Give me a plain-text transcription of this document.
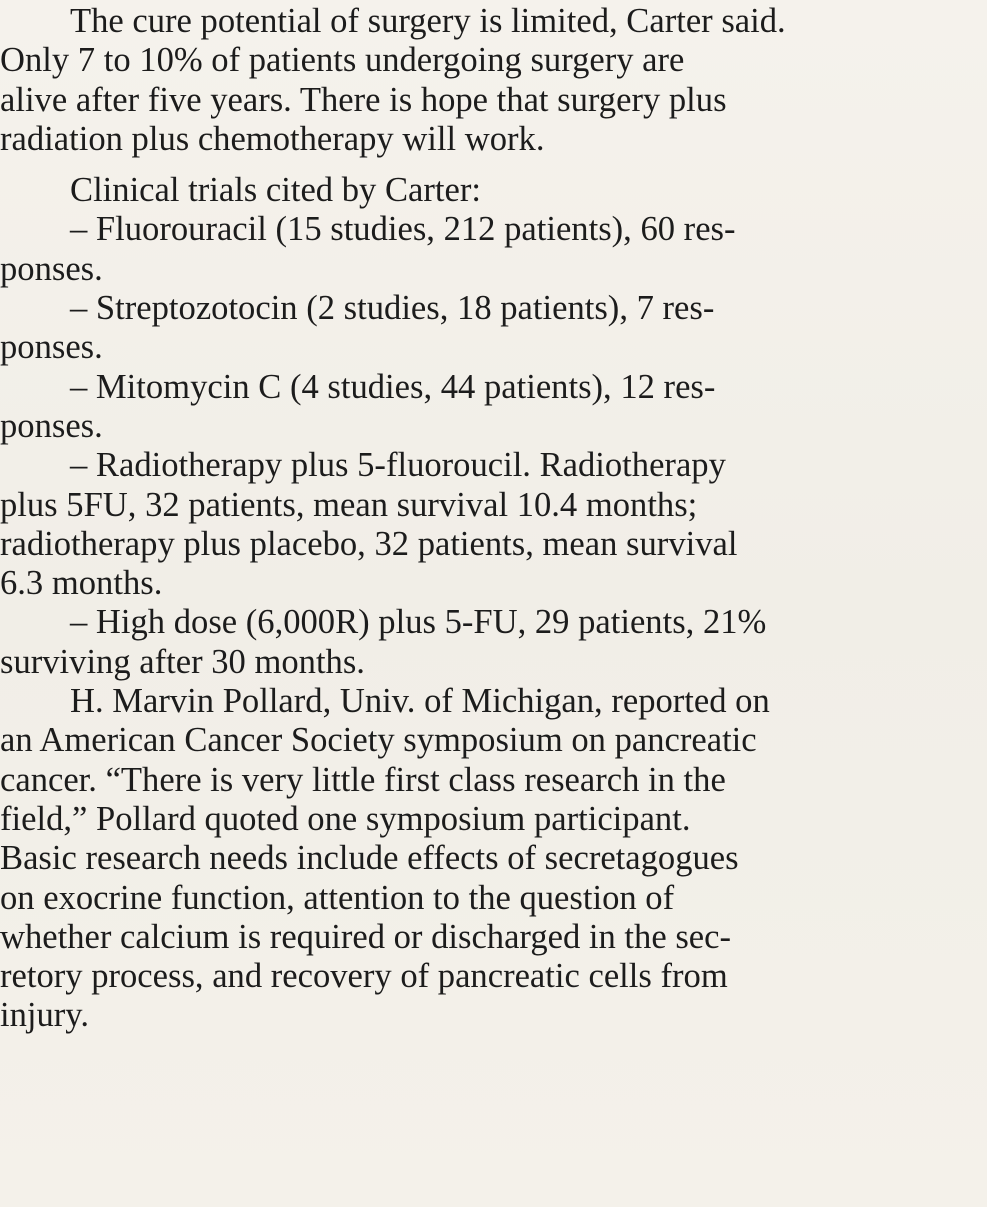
The cure potential of surgery is limited, Carter said.
Only 7 to 10% of patients undergoing surgery are
alive after five years. There is hope that surgery plus
radiation plus chemotherapy will work.

Clinical trials cited by Carter:

– Fluorouracil (15 studies, 212 patients), 60 res-
ponses.

– Streptozotocin (2 studies, 18 patients), 7 res-
ponses.

– Mitomycin C (4 studies, 44 patients), 12 res-
ponses.

– Radiotherapy plus 5-fluoroucil. Radiotherapy
plus 5FU, 32 patients, mean survival 10.4 months;
radiotherapy plus placebo, 32 patients, mean survival
6.3 months.

– High dose (6,000R) plus 5-FU, 29 patients, 21%
surviving after 30 months.

H. Marvin Pollard, Univ. of Michigan, reported on
an American Cancer Society symposium on pancreatic
cancer. “There is very little first class research in the
field,” Pollard quoted one symposium participant.
Basic research needs include effects of secretagogues
on exocrine function, attention to the question of
whether calcium is required or discharged in the sec-
retory process, and recovery of pancreatic cells from
injury.
